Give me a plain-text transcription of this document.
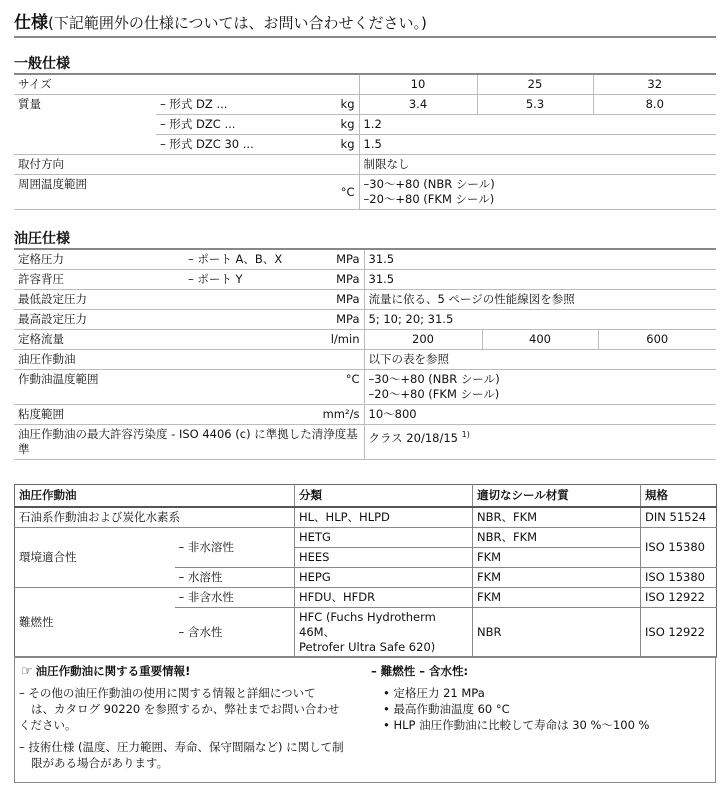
仕様(下記範囲外の仕様については、お問い合わせください。)
一般仕様
サイズ			10	25	32
質量	– 形式 DZ ...	kg	3.4	5.3	8.0
	– 形式 DZC ...	kg	1.2		
	– 形式 DZC 30 ...	kg	1.5		
取付方向			制限なし		
周囲温度範囲		°C	–30〜+80 (NBR シール)
–20〜+80 (FKM シール)		
油圧仕様
定格圧力	– ポート A、B、X	MPa	31.5		
許容背圧	– ポート Y	MPa	31.5		
最低設定圧力		MPa	流量に依る、5 ページの性能線図を参照		
最高設定圧力		MPa	5; 10; 20; 31.5		
定格流量		l/min	200	400	600
油圧作動油			以下の表を参照		
作動油温度範囲		°C	–30〜+80 (NBR シール)
–20〜+80 (FKM シール)		

粘度範囲		mm²/s	10〜800		
油圧作動油の最大許容汚染度 - ISO 4406 (c) に準拠した清浄度基準			クラス 20/18/15 $^{1)}$
油圧作動油		分類	適切なシール材質	規格
石油系作動油および炭化水素系		HL、HLP、HLPD	NBR、FKM	DIN 51524
環境適合性	– 非水溶性	HETG	NBR、FKM	ISO 15380
		HEES	FKM	
	– 水溶性	HEPG	FKM	ISO 15380
難燃性	– 非含水性	HFDU、HFDR	FKM	ISO 12922
	– 含水性	HFC (Fuchs Hydrotherm 46M、
Petrofer Ultra Safe 620)	NBR	ISO 12922
☞ 油圧作動油に関する重要情報!
– その他の油圧作動油の使用に関する情報と詳細について
は、カタログ 90220 を参照するか、弊社までお問い合わせ
ください。
– 技術仕様 (温度、圧力範囲、寿命、保守間隔など) に関して制
限がある場合があります。
– 難燃性 – 含水性:
• 定格圧力 21 MPa
• 最高作動油温度 60 °C
• HLP 油圧作動油に比較して寿命は 30 %〜100 %
